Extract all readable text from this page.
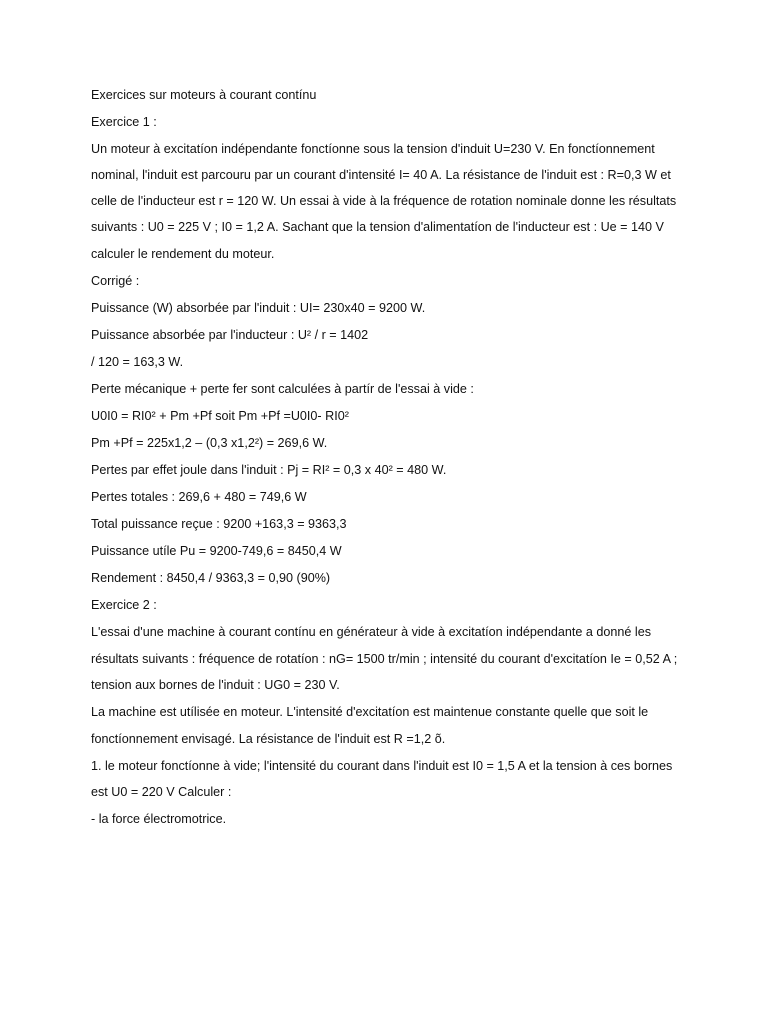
Exercices sur moteurs à courant contínu

Exercice 1 :

Un moteur à excitatíon indépendante fonctíonne sous la tension d'induit U=230 V. En fonctíonnement

nominal, l'induit est parcouru par un courant d'intensité I= 40 A. La résistance de l'induit est : R=0,3 W et

celle de l'inducteur est r = 120 W. Un essai à vide à la fréquence de rotation nominale donne les résultats

suivants : U0 = 225 V ; I0 = 1,2 A. Sachant que la tension d'alimentatíon de l'inducteur est : Ue = 140 V

calculer le rendement du moteur.

Corrigé :

Puissance (W) absorbée par l'induit : UI= 230x40 = 9200 W.

Puissance absorbée par l'inducteur : U² / r = 1402

/ 120 = 163,3 W.

Perte mécanique + perte fer sont calculées à partír de l'essai à vide :

U0I0 = RI0² + Pm +Pf soit Pm +Pf =U0I0- RI0²

Pm +Pf = 225x1,2 – (0,3 x1,2²) = 269,6 W.

Pertes par effet joule dans l'induit : Pj = RI² = 0,3 x 40² = 480 W.

Pertes totales : 269,6 + 480 = 749,6 W

Total puissance reçue : 9200 +163,3 = 9363,3

Puissance utíle Pu = 9200-749,6 = 8450,4 W

Rendement : 8450,4 / 9363,3 = 0,90 (90%)

Exercice 2 :

L'essai d'une machine à courant contínu en générateur à vide à excitatíon indépendante a donné les

résultats suivants : fréquence de rotatíon : nG= 1500 tr/min ; intensité du courant d'excitatíon Ie = 0,52 A ;

tension aux bornes de l'induit : UG0 = 230 V.

La machine est utílisée en moteur. L'intensité d'excitatíon est maintenue constante quelle que soit le

fonctíonnement envisagé. La résistance de l'induit est R =1,2 õ.

1. le moteur fonctíonne à vide; l'intensité du courant dans l'induit est I0 = 1,5 A et la tension à ces bornes

est U0 = 220 V Calculer :

- la force électromotrice.
